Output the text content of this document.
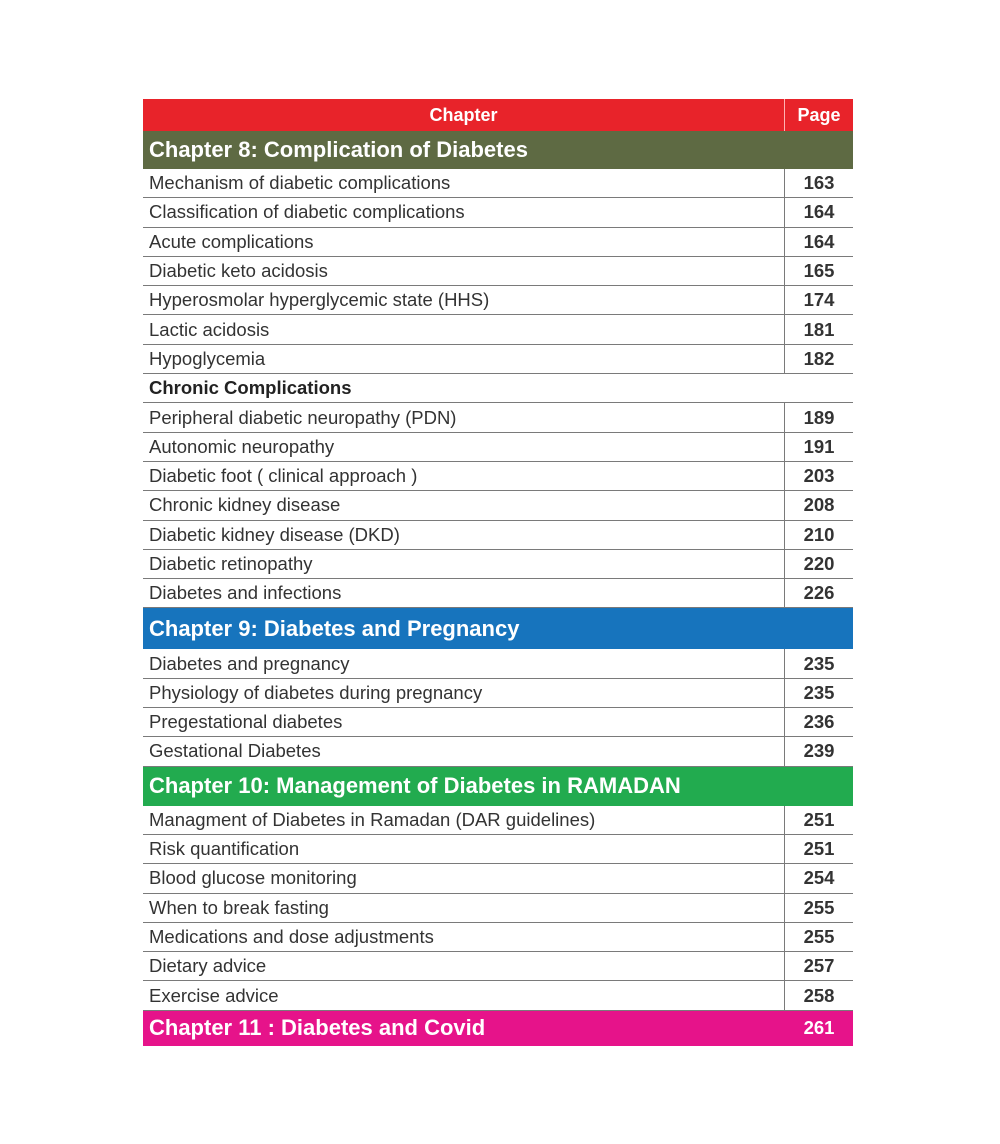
Chapter	Page
Chapter 8: Complication of Diabetes
Mechanism of diabetic complications	163
Classification of diabetic complications	164
Acute complications	164
Diabetic keto acidosis	165
Hyperosmolar hyperglycemic state (HHS)	174
Lactic acidosis	181
Hypoglycemia	182
Chronic Complications
Peripheral diabetic neuropathy (PDN)	189
Autonomic neuropathy	191
Diabetic foot ( clinical approach )	203
Chronic kidney disease	208
Diabetic kidney disease (DKD)	210
Diabetic retinopathy	220
Diabetes and infections	226
Chapter 9: Diabetes and Pregnancy
Diabetes and pregnancy	235
Physiology of diabetes during pregnancy	235
Pregestational diabetes	236
Gestational Diabetes	239
Chapter 10: Management of Diabetes in RAMADAN
Managment of Diabetes in Ramadan (DAR guidelines)	251
Risk quantification	251
Blood glucose monitoring	254
When to break fasting	255
Medications and dose adjustments	255
Dietary advice	257
Exercise advice	258
Chapter 11 : Diabetes and Covid	261
